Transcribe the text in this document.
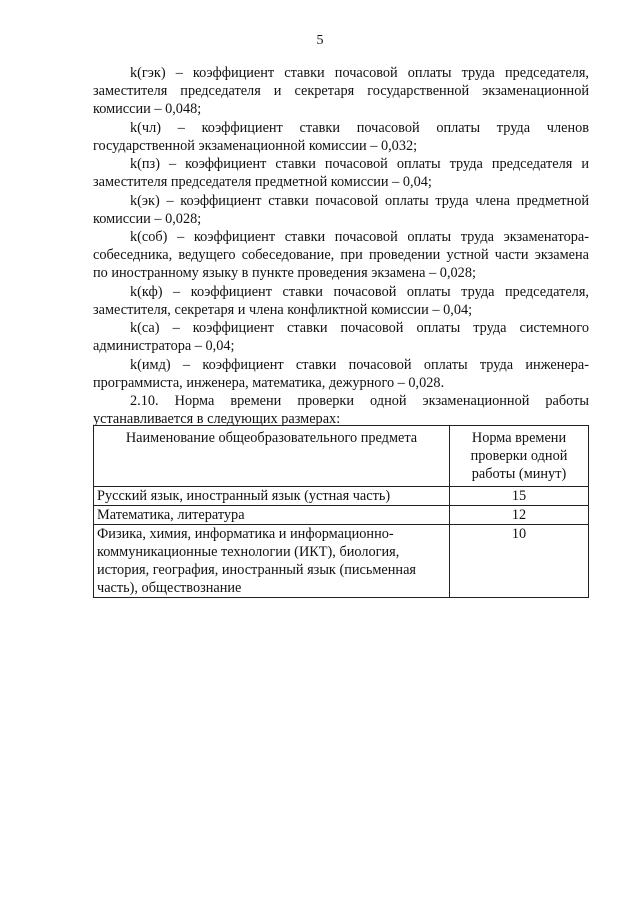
5

k(гэк) – коэффициент ставки почасовой оплаты труда председателя, заместителя председателя и секретаря государственной экзаменационной комиссии – 0,048;

k(чл) – коэффициент ставки почасовой оплаты труда членов государственной экзаменационной комиссии – 0,032;

k(пз) – коэффициент ставки почасовой оплаты труда председателя и заместителя председателя предметной комиссии – 0,04;

k(эк) – коэффициент ставки почасовой оплаты труда члена предметной комиссии – 0,028;

k(соб) – коэффициент ставки почасовой оплаты труда экзаменатора-собеседника, ведущего собеседование, при проведении устной части экзамена по иностранному языку в пункте проведения экзамена – 0,028;

k(кф) – коэффициент ставки почасовой оплаты труда председателя, заместителя, секретаря и члена конфликтной комиссии – 0,04;

k(са) – коэффициент ставки почасовой оплаты труда системного администратора – 0,04;

k(имд) – коэффициент ставки почасовой оплаты труда инженера-программиста, инженера, математика, дежурного – 0,028.

2.10. Норма времени проверки одной экзаменационной работы устанавливается в следующих размерах:

Наименование общеобразовательного предмета	Норма времени проверки одной работы (минут)
Русский язык, иностранный язык (устная часть)	15
Математика, литература	12
Физика, химия, информатика и информационно-коммуникационные технологии (ИКТ), биология, история, география, иностранный язык (письменная часть), обществознание	10
